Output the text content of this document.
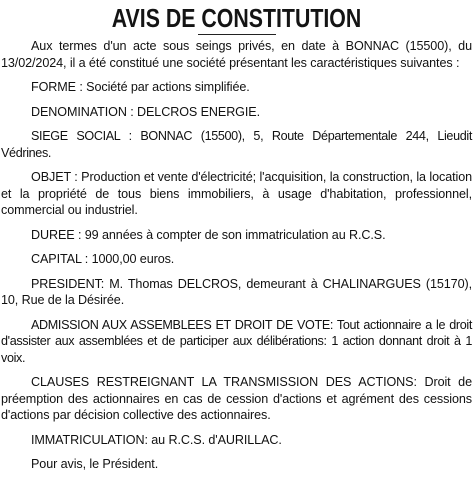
AVIS DE CONSTITUTION

Aux termes d'un acte sous seings privés, en date à BONNAC (15500), du 13/02/2024, il a été constitué une société présentant les caractéristiques suivantes :

FORME : Société par actions simplifiée.

DENOMINATION : DELCROS ENERGIE.

SIEGE SOCIAL : BONNAC (15500), 5, Route Départementale 244, Lieudit Védrines.

OBJET : Production et vente d'électricité; l'acquisition, la construction, la location et la propriété de tous biens immobiliers, à usage d'habitation, professionnel, commercial ou industriel.

DUREE : 99 années à compter de son immatriculation au R.C.S.

CAPITAL : 1000,00 euros.

PRESIDENT: M. Thomas DELCROS, demeurant à CHALINARGUES (15170), 10, Rue de la Désirée.

ADMISSION AUX ASSEMBLEES ET DROIT DE VOTE: Tout actionnaire a le droit d'assister aux assemblées et de participer aux délibérations: 1 action donnant droit à 1 voix.

CLAUSES RESTREIGNANT LA TRANSMISSION DES ACTIONS: Droit de préemption des actionnaires en cas de cession d'actions et agrément des cessions d'actions par décision collective des actionnaires.

IMMATRICULATION: au R.C.S. d'AURILLAC.

Pour avis, le Président.
